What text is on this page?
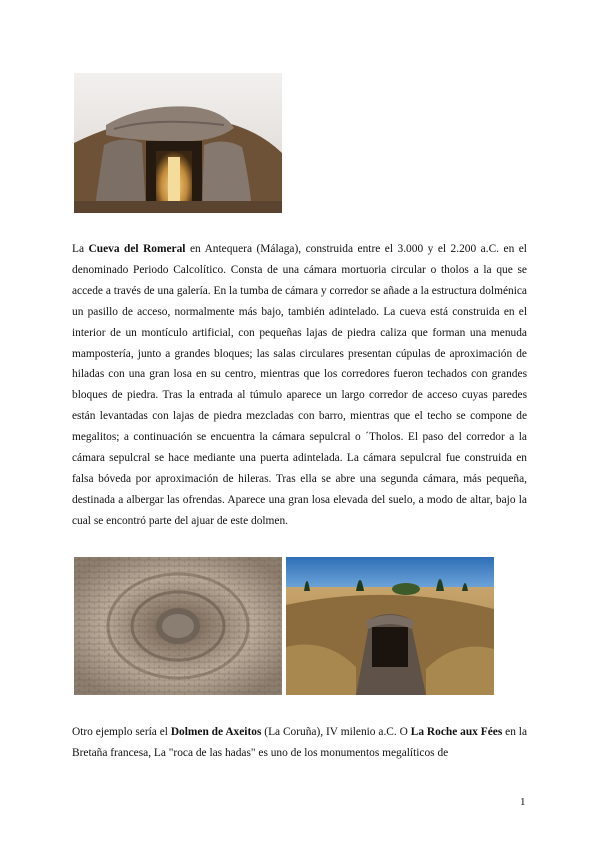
La Cueva del Romeral en Antequera (Málaga), construida entre el 3.000 y el 2.200 a.C. en el denominado Periodo Calcolítico. Consta de una cámara mortuoria circular o tholos a la que se accede a través de una galería. En la tumba de cámara y corredor se añade a la estructura dolménica un pasillo de acceso, normalmente más bajo, también adintelado. La cueva está construida en el interior de un montículo artificial, con pequeñas lajas de piedra caliza que forman una menuda mampostería, junto a grandes bloques; las salas circulares presentan cúpulas de aproximación de hiladas con una gran losa en su centro, mientras que los corredores fueron techados con grandes bloques de piedra. Tras la entrada al túmulo aparece un largo corredor de acceso cuyas paredes están levantadas con lajas de piedra mezcladas con barro, mientras que el techo se compone de megalitos; a continuación se encuentra la cámara sepulcral o ´Tholos. El paso del corredor a la cámara sepulcral se hace mediante una puerta adintelada. La cámara sepulcral fue construida en falsa bóveda por aproximación de hileras. Tras ella se abre una segunda cámara, más pequeña, destinada a albergar las ofrendas. Aparece una gran losa elevada del suelo, a modo de altar, bajo la cual se encontró parte del ajuar de este dolmen.

Otro ejemplo sería el Dolmen de Axeitos (La Coruña), IV milenio a.C. O La Roche aux Fées en la Bretaña francesa, La "roca de las hadas" es uno de los monumentos megalíticos de

1
